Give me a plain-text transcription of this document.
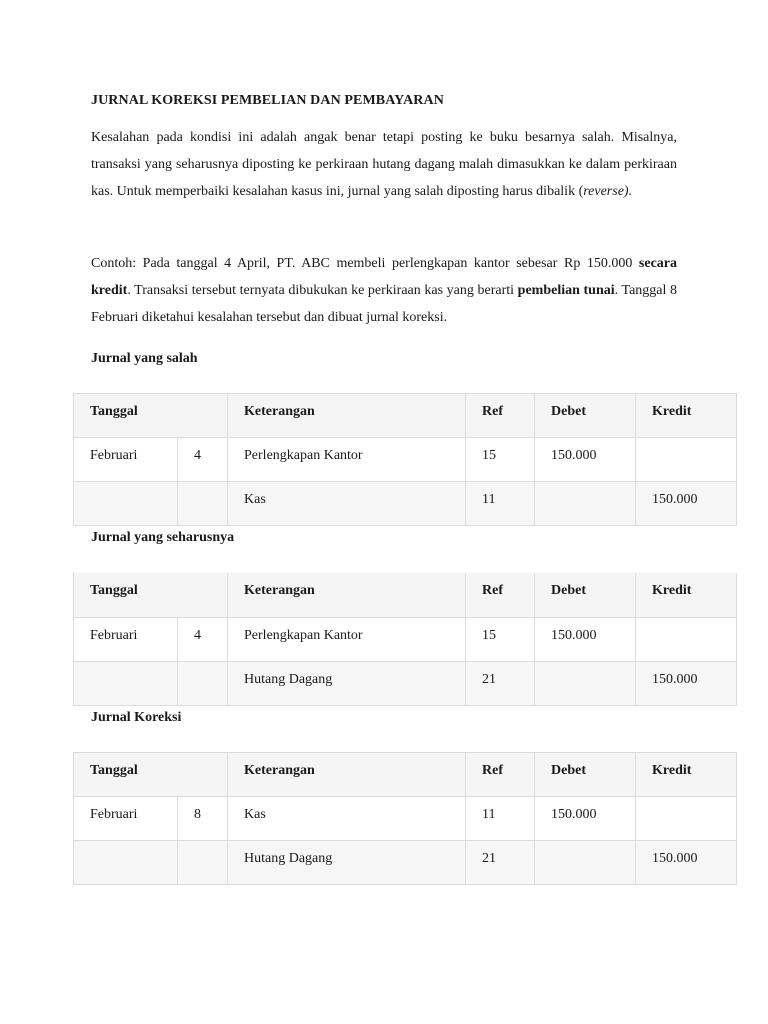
JURNAL KOREKSI PEMBELIAN DAN PEMBAYARAN
Kesalahan pada kondisi ini adalah angak benar tetapi posting ke buku besarnya salah. Misalnya, transaksi yang seharusnya diposting ke perkiraan hutang dagang malah dimasukkan ke dalam perkiraan kas. Untuk memperbaiki kesalahan kasus ini, jurnal yang salah diposting harus dibalik (reverse).
Contoh: Pada tanggal 4 April, PT. ABC membeli perlengkapan kantor sebesar Rp 150.000 secara kredit. Transaksi tersebut ternyata dibukukan ke perkiraan kas yang berarti pembelian tunai. Tanggal 8 Februari diketahui kesalahan tersebut dan dibuat jurnal koreksi.
Jurnal yang salah
Tanggal		Keterangan	Ref	Debet	Kredit
Februari	4	Perlengkapan Kantor	15	150.000	
		Kas	11		150.000
Jurnal yang seharusnya
Tanggal		Keterangan	Ref	Debet	Kredit
Februari	4	Perlengkapan Kantor	15	150.000	
		Hutang Dagang	21		150.000
Jurnal Koreksi
Tanggal		Keterangan	Ref	Debet	Kredit
Februari	8	Kas	11	150.000	
		Hutang Dagang	21		150.000
